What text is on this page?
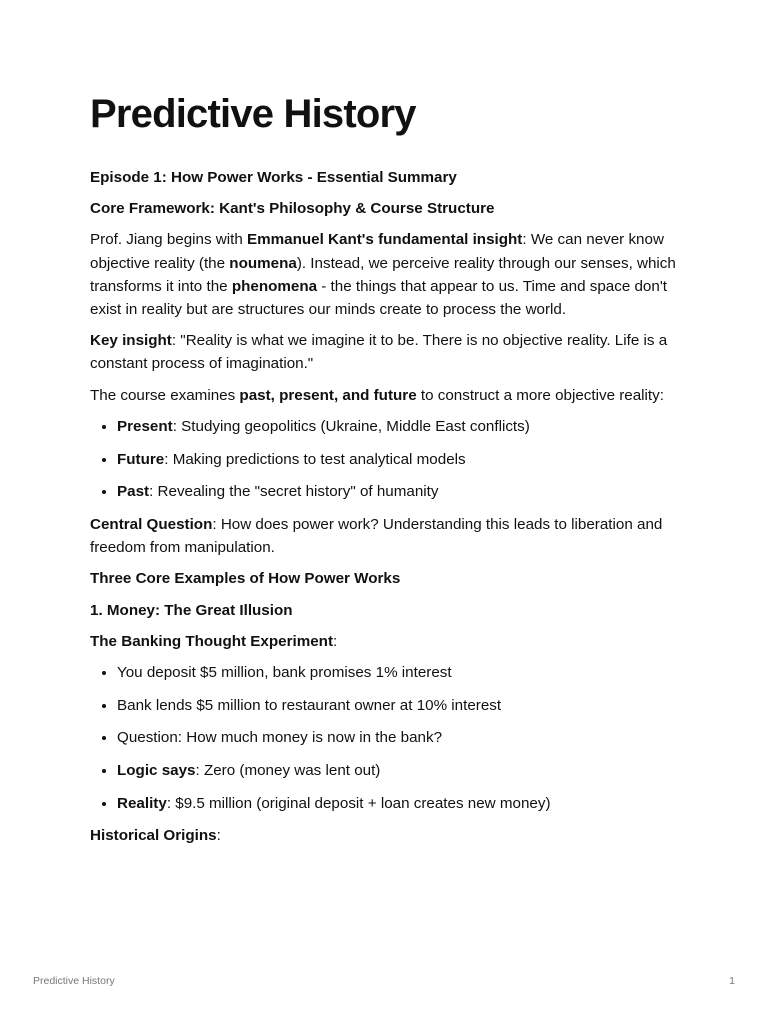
Predictive History

Episode 1: How Power Works - Essential Summary

Core Framework: Kant's Philosophy & Course Structure

Prof. Jiang begins with Emmanuel Kant's fundamental insight: We can never know objective reality (the noumena). Instead, we perceive reality through our senses, which transforms it into the phenomena - the things that appear to us. Time and space don't exist in reality but are structures our minds create to process the world.

Key insight: "Reality is what we imagine it to be. There is no objective reality. Life is a constant process of imagination."

The course examines past, present, and future to construct a more objective reality:

• Present: Studying geopolitics (Ukraine, Middle East conflicts)
• Future: Making predictions to test analytical models
• Past: Revealing the "secret history" of humanity

Central Question: How does power work? Understanding this leads to liberation and freedom from manipulation.

Three Core Examples of How Power Works

1. Money: The Great Illusion

The Banking Thought Experiment:

• You deposit $5 million, bank promises 1% interest
• Bank lends $5 million to restaurant owner at 10% interest
• Question: How much money is now in the bank?
• Logic says: Zero (money was lent out)
• Reality: $9.5 million (original deposit + loan creates new money)

Historical Origins:

Predictive History	1
